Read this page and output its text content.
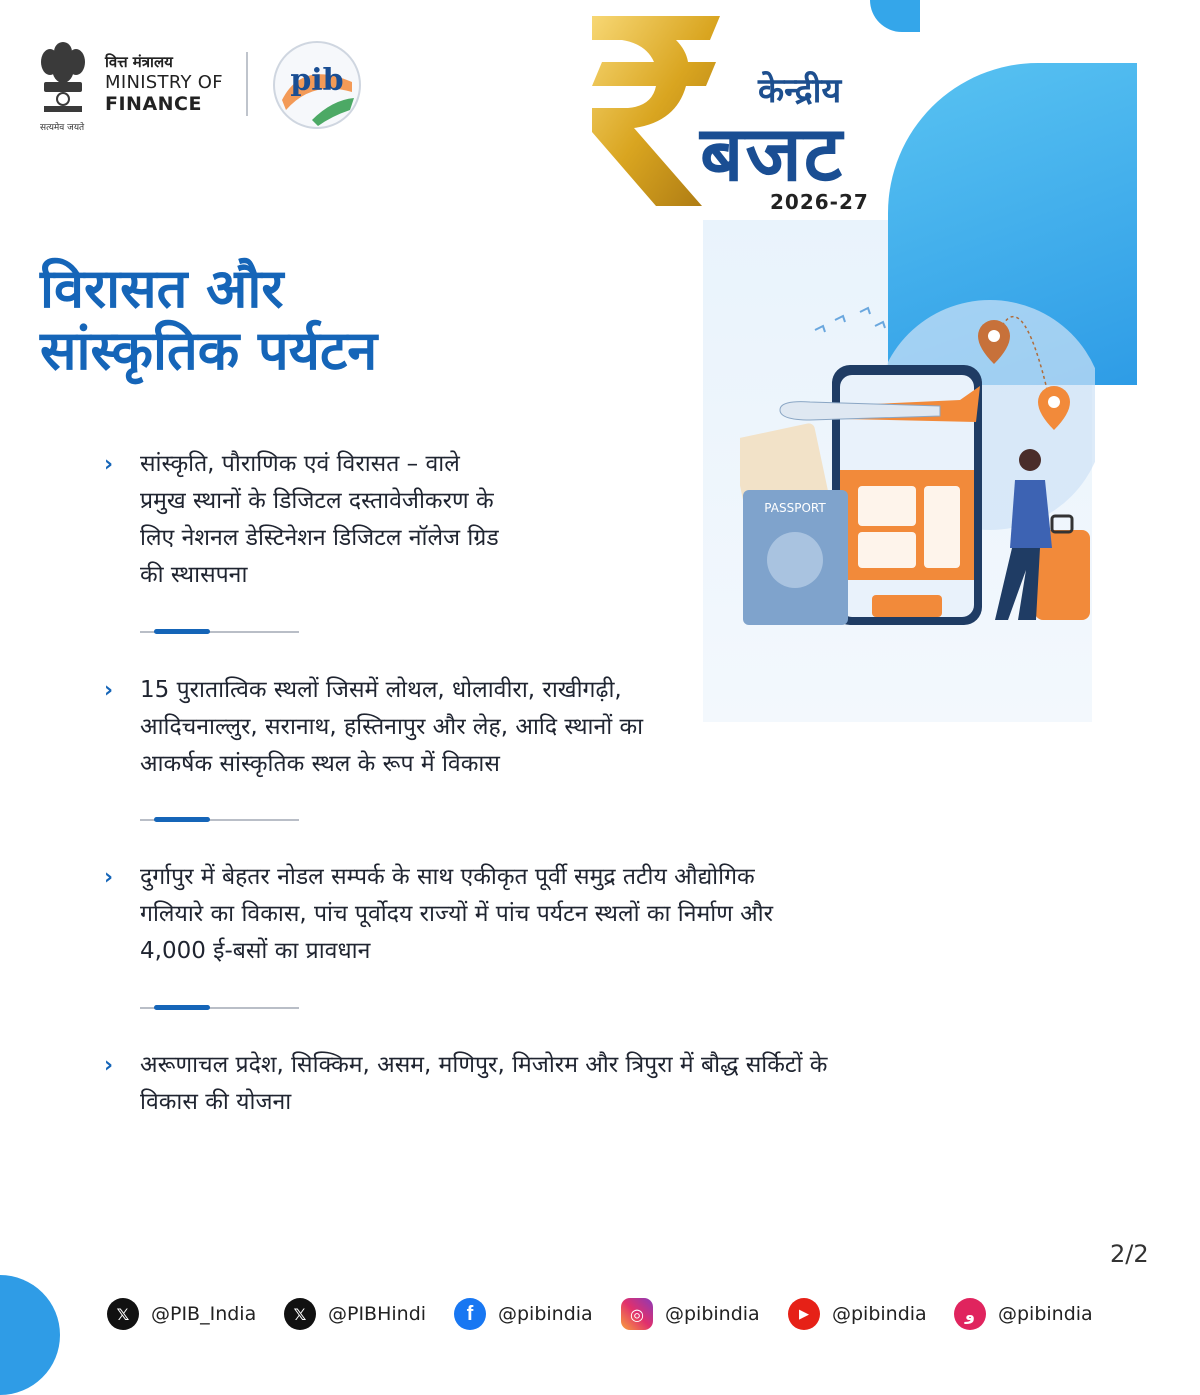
सत्यमेव जयते
वित्त मंत्रालय
MINISTRY OF
FINANCE
pib	केन्द्रीय
बजट
2026-27
विरासत और
सांस्कृतिक पर्यटन
PASSPORT
› सांस्कृति, पौराणिक एवं विरासत – वाले
प्रमुख स्थानों के डिजिटल दस्तावेजीकरण के
लिए नेशनल डेस्टिनेशन डिजिटल नॉलेज ग्रिड
की स्थासपना
› 15 पुरातात्विक स्थलों जिसमें लोथल, धोलावीरा, राखीगढ़ी,
आदिचनाल्लुर, सरानाथ, हस्तिनापुर और लेह, आदि स्थानों का
आकर्षक सांस्कृतिक स्थल के रूप में विकास
› दुर्गापुर में बेहतर नोडल सम्पर्क के साथ एकीकृत पूर्वी समुद्र तटीय औद्योगिक
गलियारे का विकास, पांच पूर्वोदय राज्यों में पांच पर्यटन स्थलों का निर्माण और
4,000 ई-बसों का प्रावधान
› अरूणाचल प्रदेश, सिक्किम, असम, मणिपुर, मिजोरम और त्रिपुरा में बौद्ध सर्किटों के
विकास की योजना
2/2
𝕏	@PIB_India	𝕏	@PIBHindi	f	@pibindia	◎	@pibindia	▶	@pibindia	ﻭ	@pibindia
